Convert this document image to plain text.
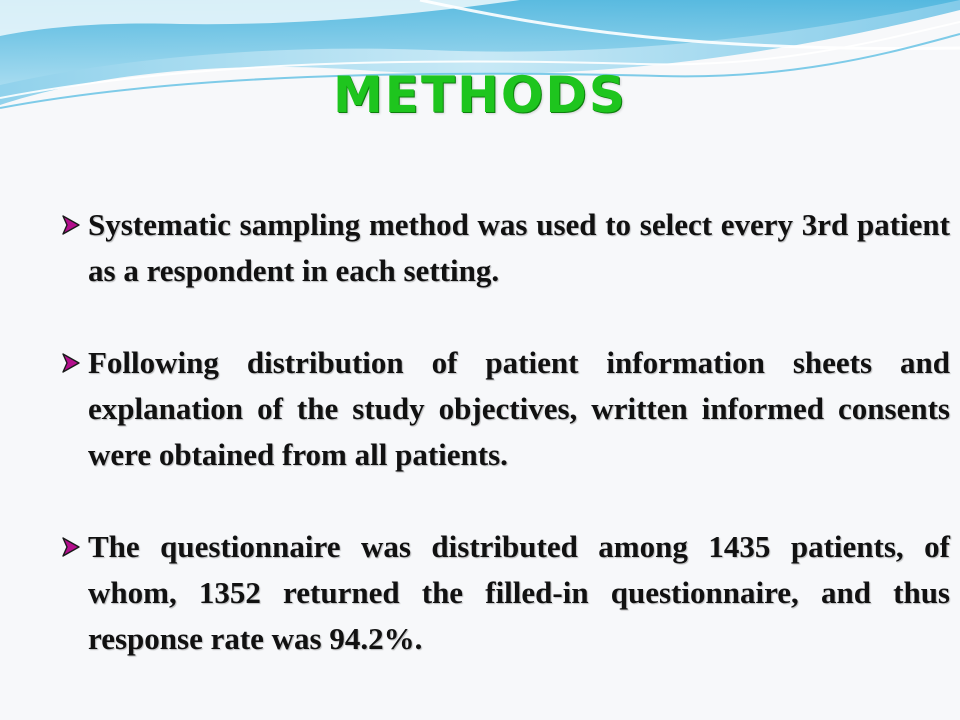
METHODS
Systematic sampling method was used to select every 3rd patient as a respondent in each setting.
Following distribution of patient information sheets and explanation of the study objectives, written informed consents were obtained from all patients.
The questionnaire was distributed among 1435 patients, of whom, 1352 returned the filled-in questionnaire, and thus response rate was 94.2%.
